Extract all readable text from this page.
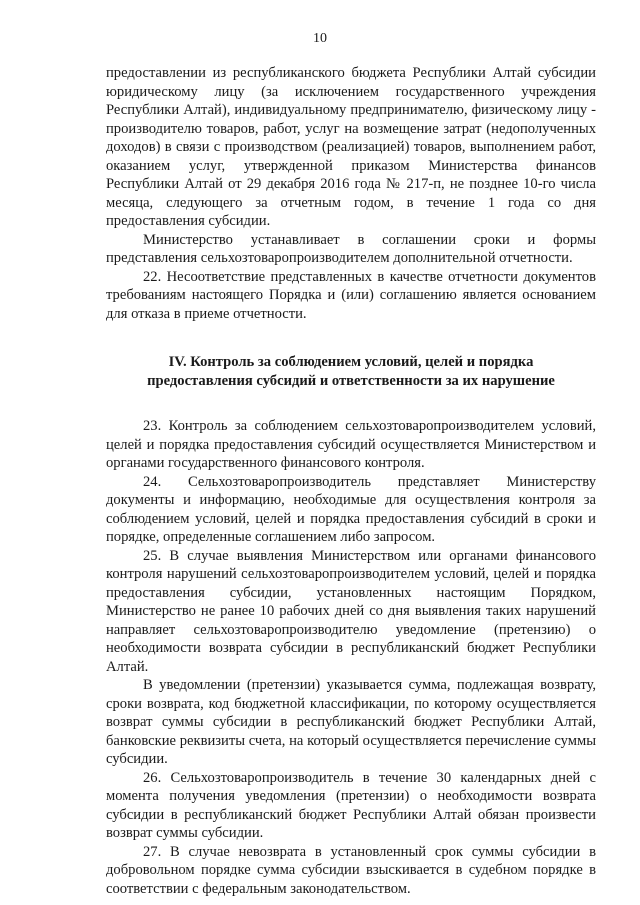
10

предоставлении из республиканского бюджета Республики Алтай субсидии юридическому лицу (за исключением государственного учреждения Республики Алтай), индивидуальному предпринимателю, физическому лицу - производителю товаров, работ, услуг на возмещение затрат (недополученных доходов) в связи с производством (реализацией) товаров, выполнением работ, оказанием услуг, утвержденной приказом Министерства финансов Республики Алтай от 29 декабря 2016 года № 217-п, не позднее 10-го числа месяца, следующего за отчетным годом, в течение 1 года со дня предоставления субсидии.

Министерство устанавливает в соглашении сроки и формы представления сельхозтоваропроизводителем дополнительной отчетности.

22. Несоответствие представленных в качестве отчетности документов требованиям настоящего Порядка и (или) соглашению является основанием для отказа в приеме отчетности.

IV. Контроль за соблюдением условий, целей и порядка
предоставления субсидий и ответственности за их нарушение

23. Контроль за соблюдением сельхозтоваропроизводителем условий, целей и порядка предоставления субсидий осуществляется Министерством и органами государственного финансового контроля.

24. Сельхозтоваропроизводитель представляет Министерству документы и информацию, необходимые для осуществления контроля за соблюдением условий, целей и порядка предоставления субсидий в сроки и порядке, определенные соглашением либо запросом.

25. В случае выявления Министерством или органами финансового контроля нарушений сельхозтоваропроизводителем условий, целей и порядка предоставления субсидии, установленных настоящим Порядком, Министерство не ранее 10 рабочих дней со дня выявления таких нарушений направляет сельхозтоваропроизводителю уведомление (претензию) о необходимости возврата субсидии в республиканский бюджет Республики Алтай.

В уведомлении (претензии) указывается сумма, подлежащая возврату, сроки возврата, код бюджетной классификации, по которому осуществляется возврат суммы субсидии в республиканский бюджет Республики Алтай, банковские реквизиты счета, на который осуществляется перечисление суммы субсидии.

26. Сельхозтоваропроизводитель в течение 30 календарных дней с момента получения уведомления (претензии) о необходимости возврата субсидии в республиканский бюджет Республики Алтай обязан произвести возврат суммы субсидии.

27. В случае невозврата в установленный срок суммы субсидии в добровольном порядке сумма субсидии взыскивается в судебном порядке в соответствии с федеральным законодательством.
